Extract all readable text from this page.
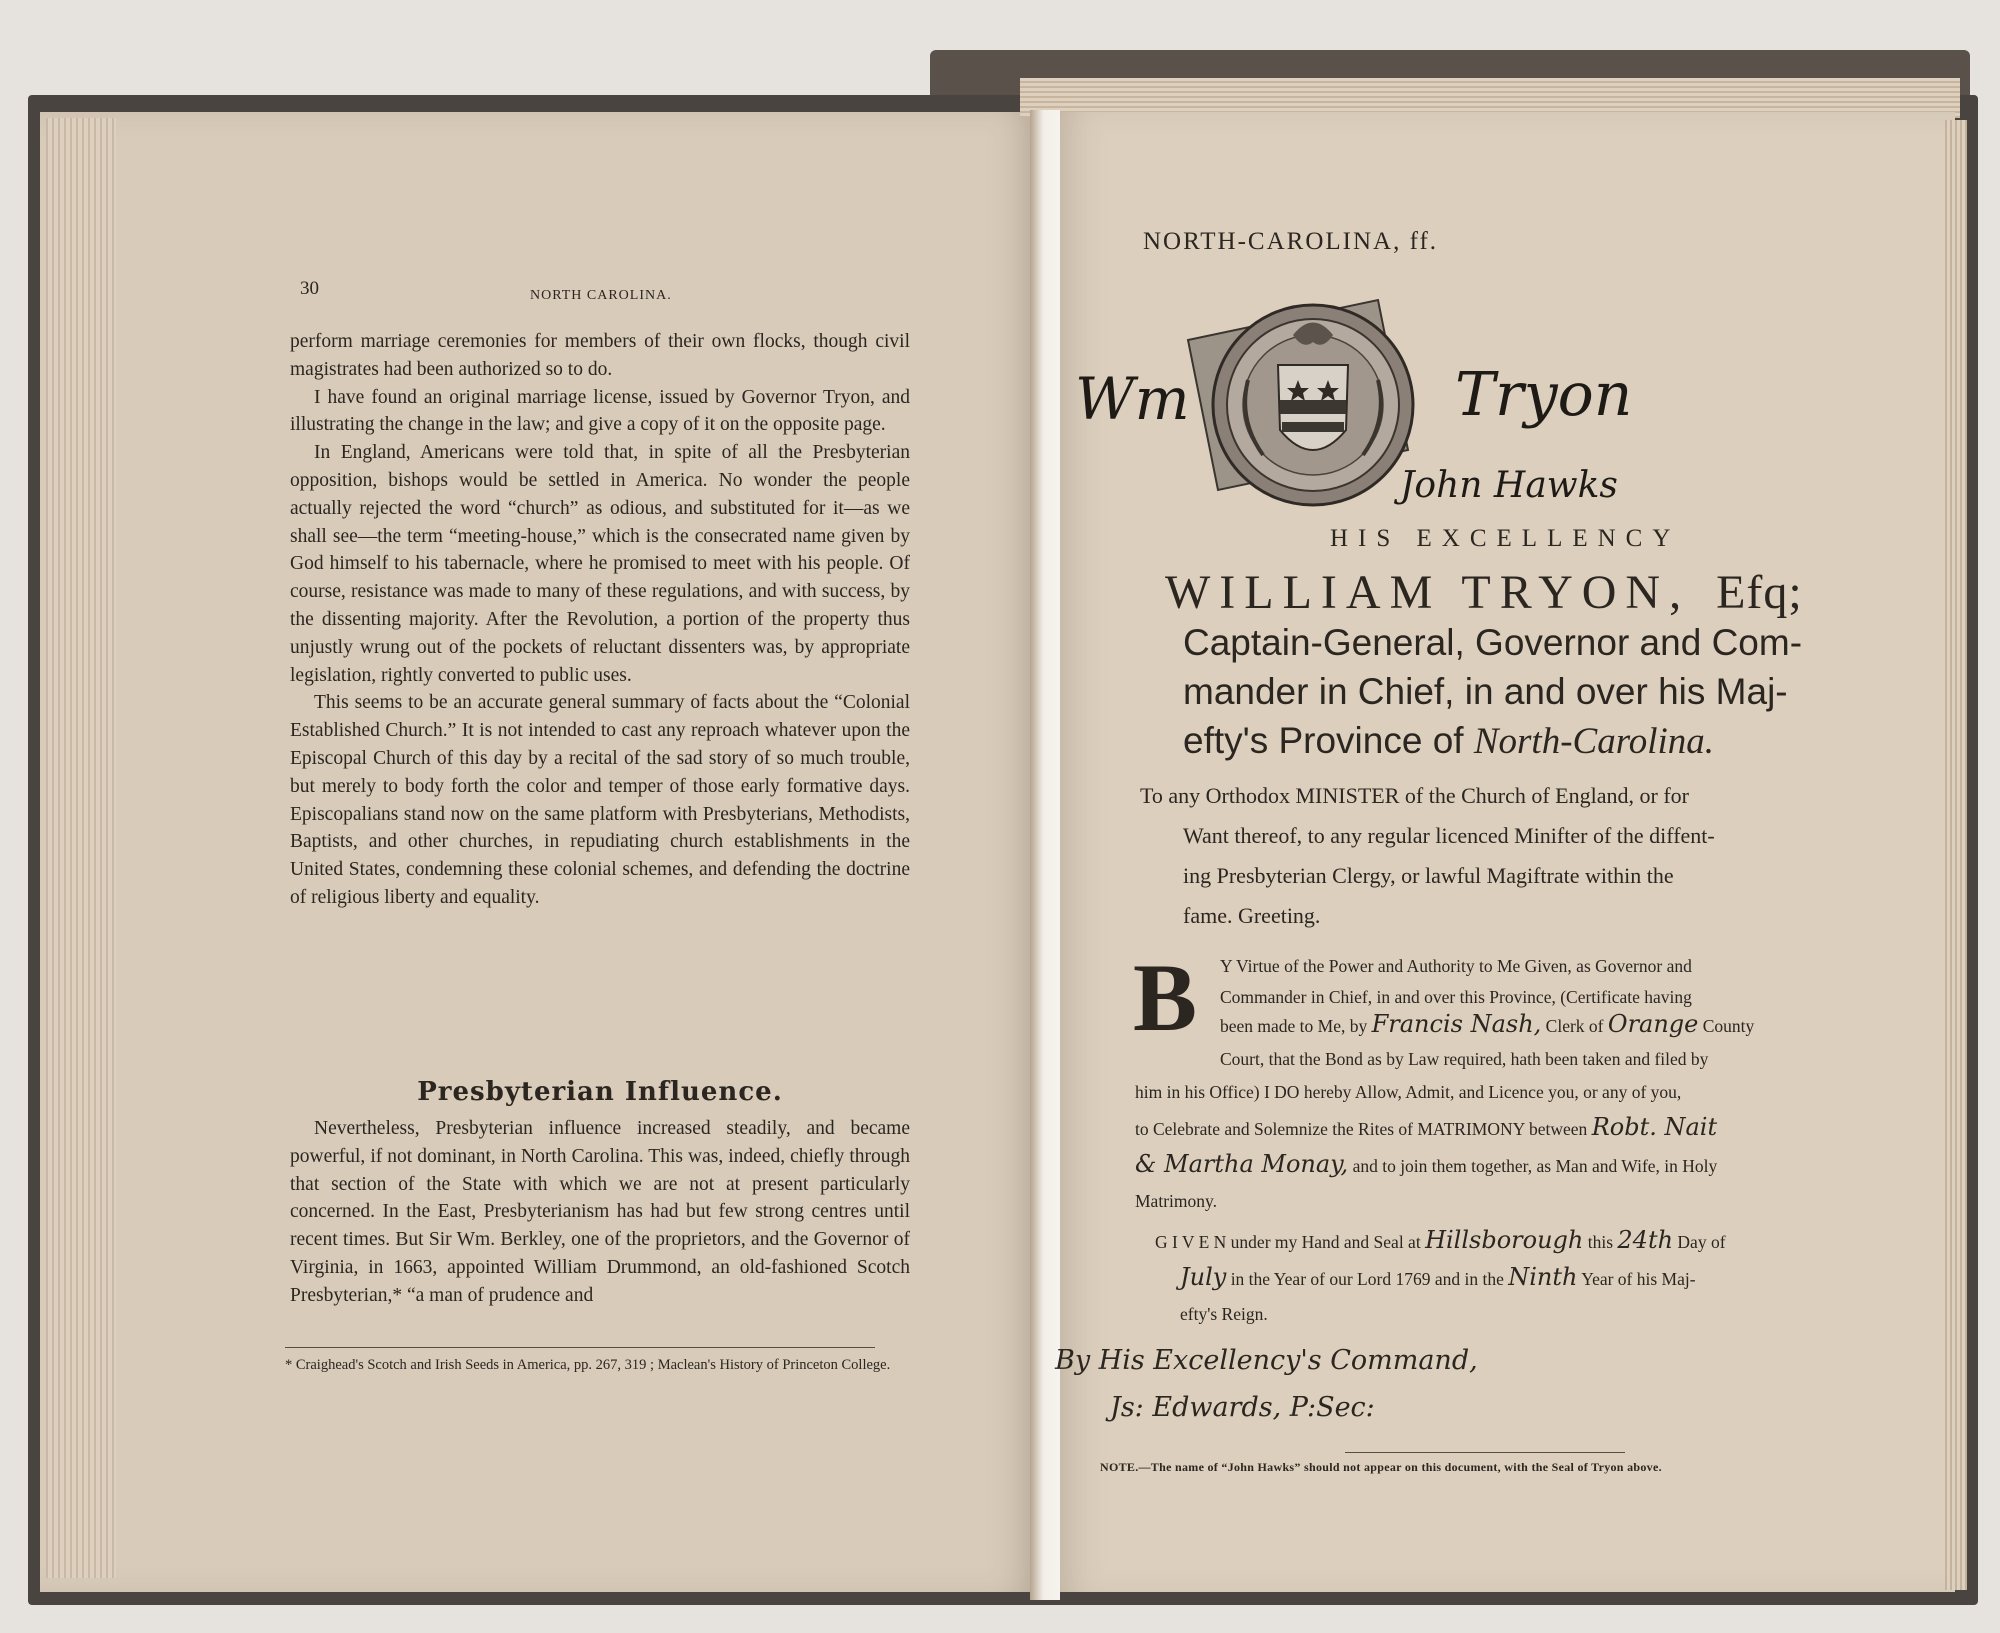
30	NORTH CAROLINA.

perform marriage ceremonies for members of their own flocks, though civil magistrates had been authorized so to do.

I have found an original marriage license, issued by Governor Tryon, and illustrating the change in the law; and give a copy of it on the opposite page.

In England, Americans were told that, in spite of all the Presbyterian opposition, bishops would be settled in America. No wonder the people actually rejected the word “church” as odious, and substituted for it—as we shall see—the term “meeting-house,” which is the consecrated name given by God himself to his tabernacle, where he promised to meet with his people. Of course, resistance was made to many of these regulations, and with success, by the dissenting majority. After the Revolution, a portion of the property thus unjustly wrung out of the pockets of reluctant dissenters was, by appropriate legislation, rightly converted to public uses.

This seems to be an accurate general summary of facts about the “Colonial Established Church.” It is not intended to cast any reproach whatever upon the Episcopal Church of this day by a recital of the sad story of so much trouble, but merely to body forth the color and temper of those early formative days. Episcopalians stand now on the same platform with Presbyterians, Methodists, Baptists, and other churches, in repudiating church establishments in the United States, condemning these colonial schemes, and defending the doctrine of religious liberty and equality.

Presbyterian Influence.

Nevertheless, Presbyterian influence increased steadily, and became powerful, if not dominant, in North Carolina. This was, indeed, chiefly through that section of the State with which we are not at present particularly concerned. In the East, Presbyterianism has had but few strong centres until recent times. But Sir Wm. Berkley, one of the proprietors, and the Governor of Virginia, in 1663, appointed William Drummond, an old-fashioned Scotch Presbyterian,* “a man of prudence and

* Craighead's Scotch and Irish Seeds in America, pp. 267, 319 ; Maclean's History of Princeton College.
NORTH-CAROLINA, ff.
Wm	Tryon
John Hawks
HIS EXCELLENCY
WILLIAM TRYON, Efq;
Captain-General, Governor and Com-
mander in Chief, in and over his Maj-
efty's Province of North-Carolina.
To any Orthodox MINISTER of the Church of England, or for
Want thereof, to any regular licenced Minifter of the diffent-
ing Presbyterian Clergy, or lawful Magiftrate within the
fame. Greeting.
B Y Virtue of the Power and Authority to Me Given, as Governor and
Commander in Chief, in and over this Province, (Certificate having
been made to Me, by Francis Nash, Clerk of Orange County
Court, that the Bond as by Law required, hath been taken and filed by
him in his Office) I DO hereby Allow, Admit, and Licence you, or any of you,
to Celebrate and Solemnize the Rites of MATRIMONY between Robt. Nait
& Martha Monay, and to join them together, as Man and Wife, in Holy
Matrimony.
G I V E N under my Hand and Seal at Hillsborough this 24th Day of
July in the Year of our Lord 1769 and in the Ninth Year of his Maj-
efty's Reign.
By His Excellency's Command,
Js: Edwards, P:Sec:
NOTE.—The name of “John Hawks” should not appear on this document, with the Seal of Tryon above.
